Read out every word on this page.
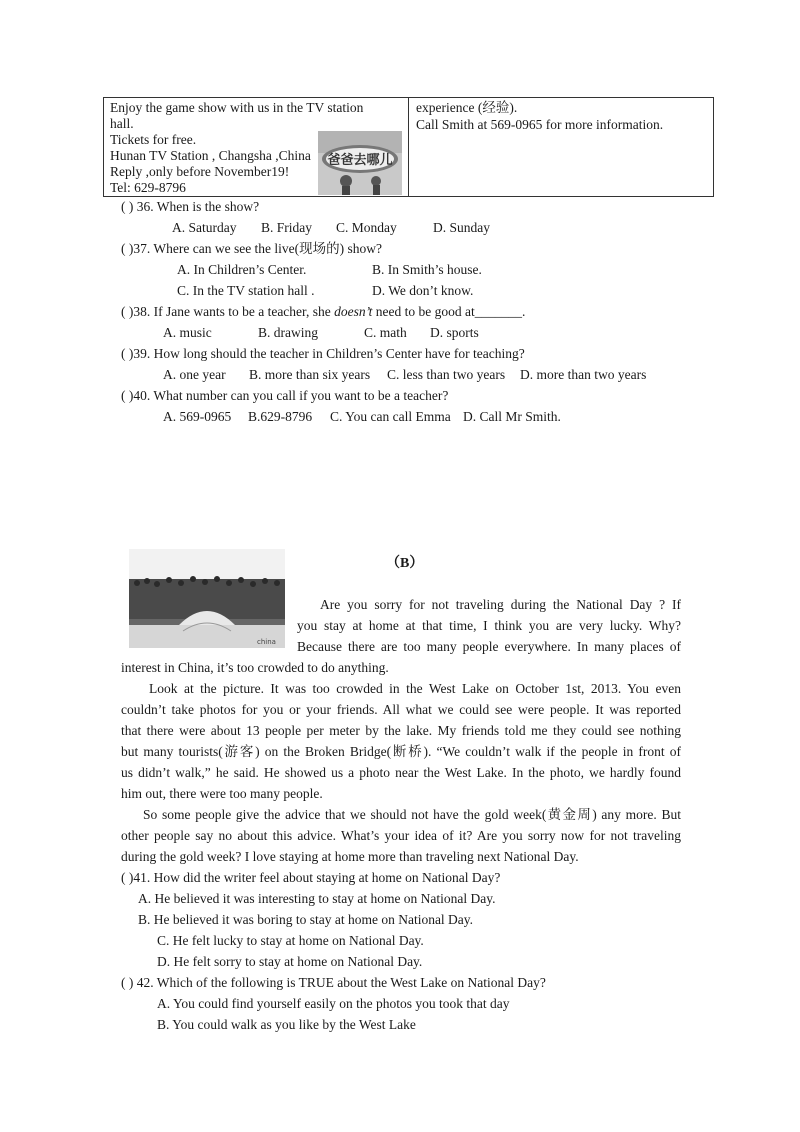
Enjoy the game show with us in the TV station
hall.
Tickets for free.
Hunan TV Station , Changsha ,China
Reply ,only before November19!
Tel: 629-8796
experience (经验).
Call Smith at 569-0965 for more information.
爸爸去哪儿
( ) 36. When is the show?
A. Saturday B. Friday C. Monday	D. Sunday
( )37. Where can we see the live(现场的) show?
A. In Children’s Center.	B. In Smith’s house.
C. In the TV station hall .	D. We don’t know.
( )38. If Jane wants to be a teacher, she doesn’t need to be good at_______.
A. music	B. drawing	C. math D. sports
( )39. How long should the teacher in Children’s Center have for teaching?
A. one year B. more than six years C. less than two years D. more than two years
( )40. What number can you call if you want to be a teacher?
A. 569-0965 B.629-8796 C. You can call Emma D. Call Mr Smith.
（B）
china
Are you sorry for not traveling during the National Day ? If
you stay at home at that time, I think you are very lucky. Why?
Because there are too many people everywhere. In many places of
interest in China, it’s too crowded to do anything.
Look at the picture. It was too crowded in the West Lake on October 1st, 2013. You even
couldn’t take photos for you or your friends. All what we could see were people. It was reported
that there were about 13 people per meter by the lake. My friends told me they could see nothing
but many tourists(游客) on the Broken Bridge(断桥). “We couldn’t walk if the people in front of
us didn’t walk,” he said. He showed us a photo near the West Lake. In the photo, we hardly found
him out, there were too many people.
So some people give the advice that we should not have the gold week(黄金周) any more. But
other people say no about this advice. What’s your idea of it? Are you sorry now for not traveling
during the gold week? I love staying at home more than traveling next National Day.
( )41. How did the writer feel about staying at home on National Day?
A. He believed it was interesting to stay at home on National Day.
B. He believed it was boring to stay at home on National Day.
C. He felt lucky to stay at home on National Day.
D. He felt sorry to stay at home on National Day.
( ) 42. Which of the following is TRUE about the West Lake on National Day?
A. You could find yourself easily on the photos you took that day
B. You could walk as you like by the West Lake
